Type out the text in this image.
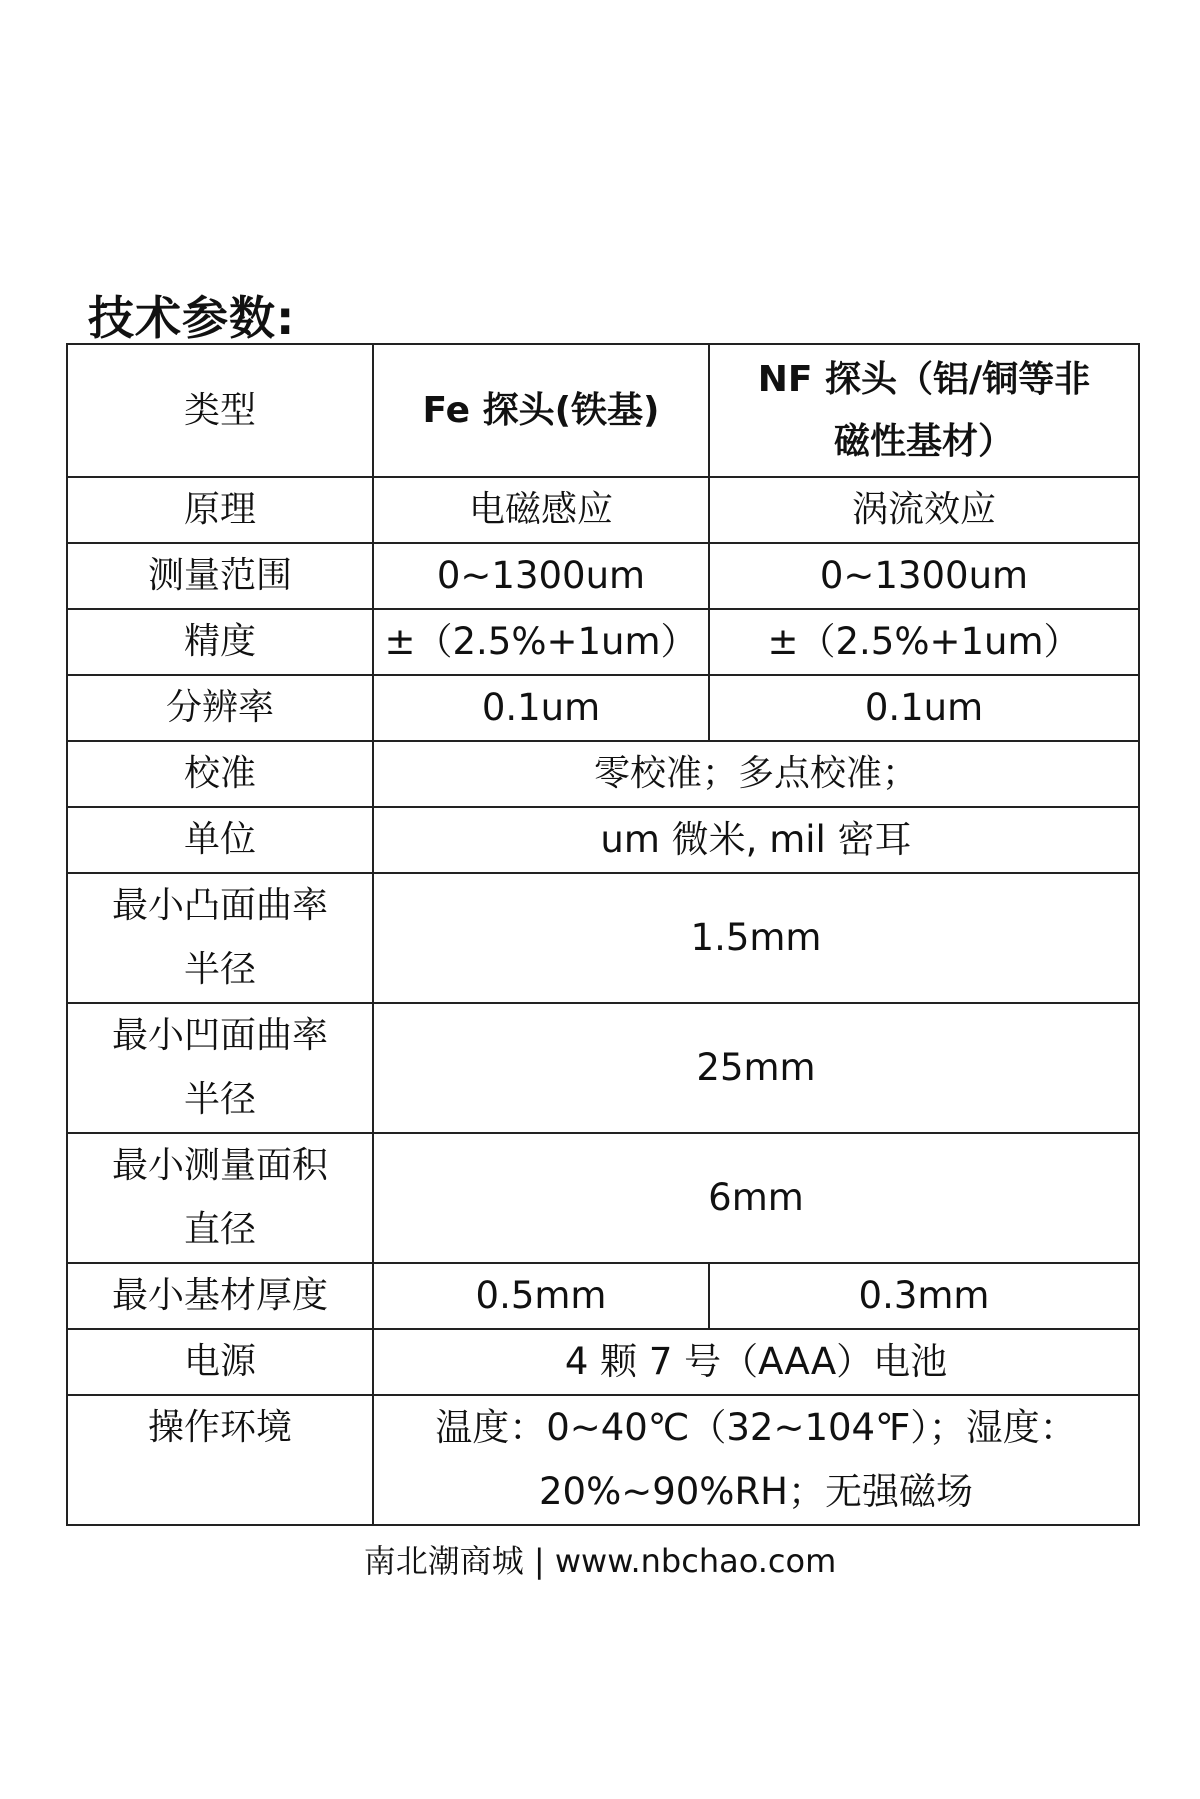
技术参数:
类型	Fe 探头(铁基)	NF 探头（铝/铜等非
磁性基材）
原理	电磁感应	涡流效应
测量范围	0~1300um	0~1300um
精度	±（2.5%+1um）	±（2.5%+1um）
分辨率	0.1um	0.1um
校准	零校准；多点校准；	
单位	um 微米, mil 密耳	
最小凸面曲率
半径	1.5mm	
最小凹面曲率
半径	25mm	
最小测量面积
直径	6mm	
最小基材厚度	0.5mm	0.3mm
电源	4 颗 7 号（AAA）电池	
操作环境	温度：0~40℃（32~104℉）；湿度：
20%~90%RH；无强磁场	
南北潮商城 | www.nbchao.com
